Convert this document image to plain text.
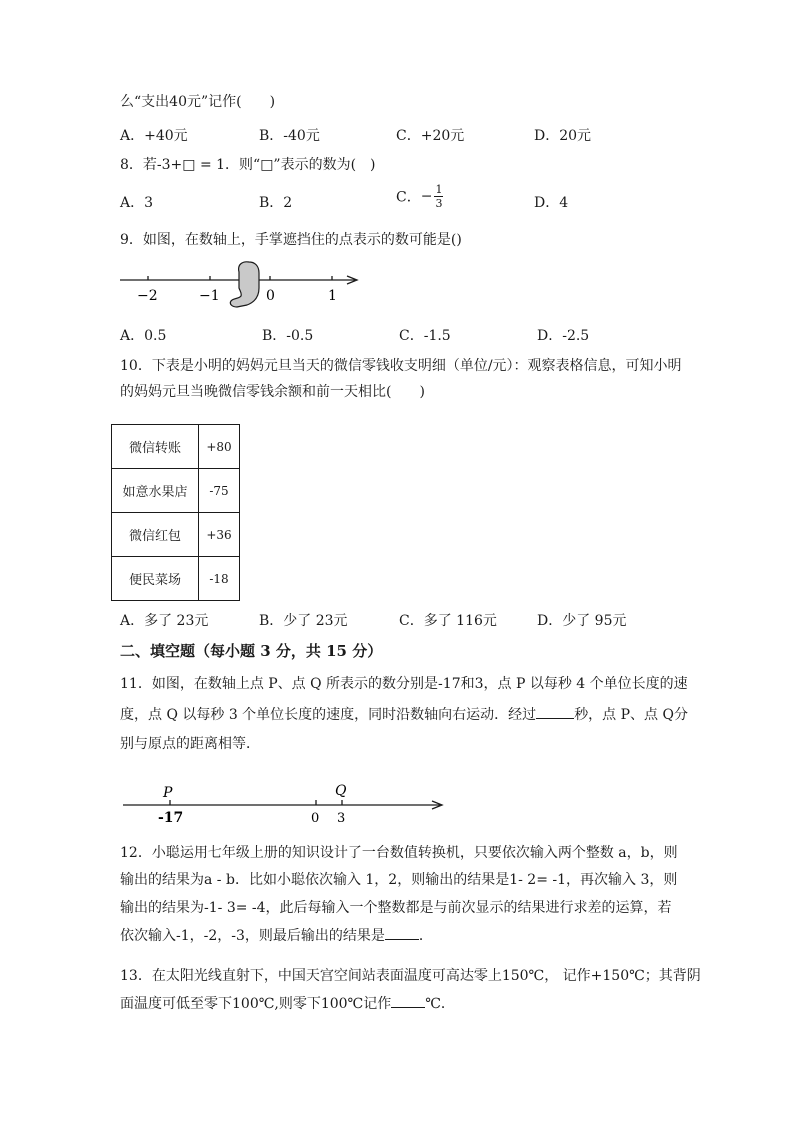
么“支出40元”记作(　　)
A．+40元	B．-40元	C．+20元	D．20元
8．若-3+□ = 1．则“□”表示的数为(　)
A．3	B．2	C．− $\frac{1}{3}$	D．4
9．如图，在数轴上，手掌遮挡住的点表示的数可能是()
−2	−1	0	1
A．0.5	B．-0.5	C．-1.5	D．-2.5
10．下表是小明的妈妈元旦当天的微信零钱收支明细（单位/元）：观察表格信息，可知小明
的妈妈元旦当晚微信零钱余额和前一天相比(　　)
微信转账	+80
如意水果店	-75
微信红包	+36
便民菜场	-18
A．多了 23元	B．少了 23元	C．多了 116元	D．少了 95元
二、填空题（每小题 3 分，共 15 分）
11．如图，在数轴上点 P、点 Q 所表示的数分别是-17和3，点 P 以每秒 4 个单位长度的速
度，点 Q 以每秒 3 个单位长度的速度，同时沿数轴向右运动．经过	秒，点 P、点 Q分
别与原点的距离相等．
P	Q
-17	0 3
12．小聪运用七年级上册的知识设计了一台数值转换机，只要依次输入两个整数 a，b，则
输出的结果为a - b．比如小聪依次输入 1，2，则输出的结果是1- 2= -1，再次输入 3，则
输出的结果为-1- 3= -4，此后每输入一个整数都是与前次显示的结果进行求差的运算，若
依次输入-1，-2，-3，则最后输出的结果是 ．
13．在太阳光线直射下，中国天宫空间站表面温度可高达零上150℃， 记作+150℃；其背阴
面温度可低至零下100℃,则零下100℃记作 ℃．
